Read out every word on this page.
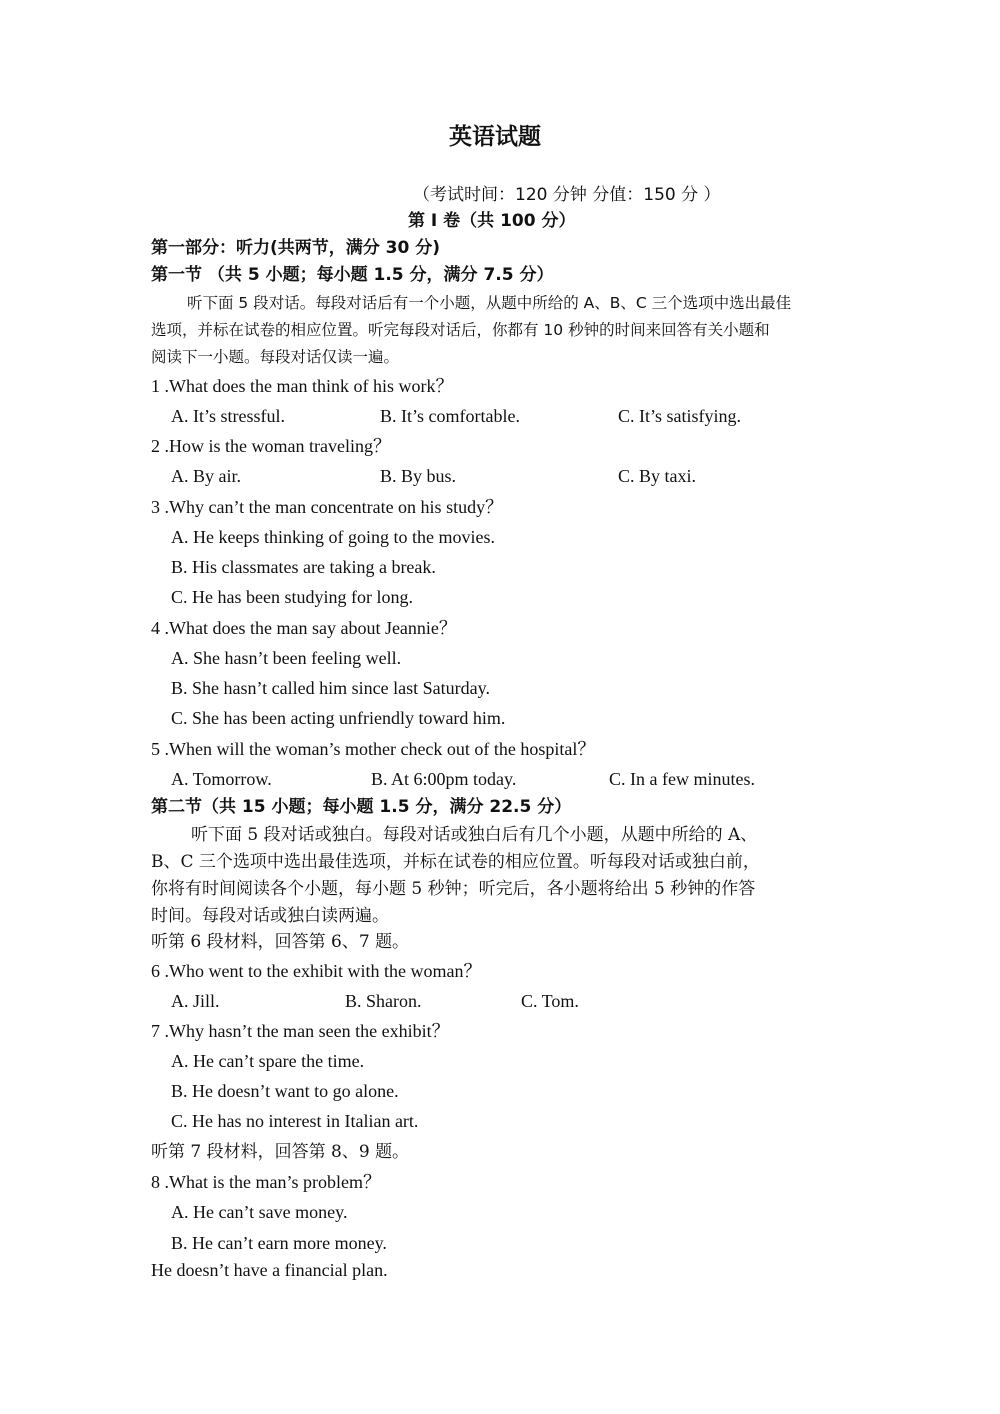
英语试题
（考试时间：120 分钟 分值：150 分 ）
第 I 卷（共 100 分）
第一部分：听力(共两节，满分 30 分)
第一节 （共 5 小题；每小题 1.5 分，满分 7.5 分）
听下面 5 段对话。每段对话后有一个小题，从题中所给的 A、B、C 三个选项中选出最佳
选项，并标在试卷的相应位置。听完每段对话后，你都有 10 秒钟的时间来回答有关小题和
阅读下一小题。每段对话仅读一遍。
1 .What does the man think of his work？
A. It’s stressful.	B. It’s comfortable.	C. It’s satisfying.
2 .How is the woman traveling？
A. By air.	B. By bus.	C. By taxi.
3 .Why can’t the man concentrate on his study？
A. He keeps thinking of going to the movies.
B. His classmates are taking a break.
C. He has been studying for long.
4 .What does the man say about Jeannie？
A. She hasn’t been feeling well.
B. She hasn’t called him since last Saturday.
C. She has been acting unfriendly toward him.
5 .When will the woman’s mother check out of the hospital？
A. Tomorrow.	B. At 6:00pm today.	C. In a few minutes.
第二节（共 15 小题；每小题 1.5 分，满分 22.5 分）
听下面 5 段对话或独白。每段对话或独白后有几个小题，从题中所给的 A、
B、C 三个选项中选出最佳选项，并标在试卷的相应位置。听每段对话或独白前，
你将有时间阅读各个小题，每小题 5 秒钟；听完后，各小题将给出 5 秒钟的作答
时间。每段对话或独白读两遍。
听第 6 段材料，回答第 6、7 题。
6 .Who went to the exhibit with the woman？
A. Jill.	B. Sharon.	C. Tom.
7 .Why hasn’t the man seen the exhibit？
A. He can’t spare the time.
B. He doesn’t want to go alone.
C. He has no interest in Italian art.
听第 7 段材料，回答第 8、9 题。
8 .What is the man’s problem？
A. He can’t save money.
B. He can’t earn more money.
He doesn’t have a financial plan.
